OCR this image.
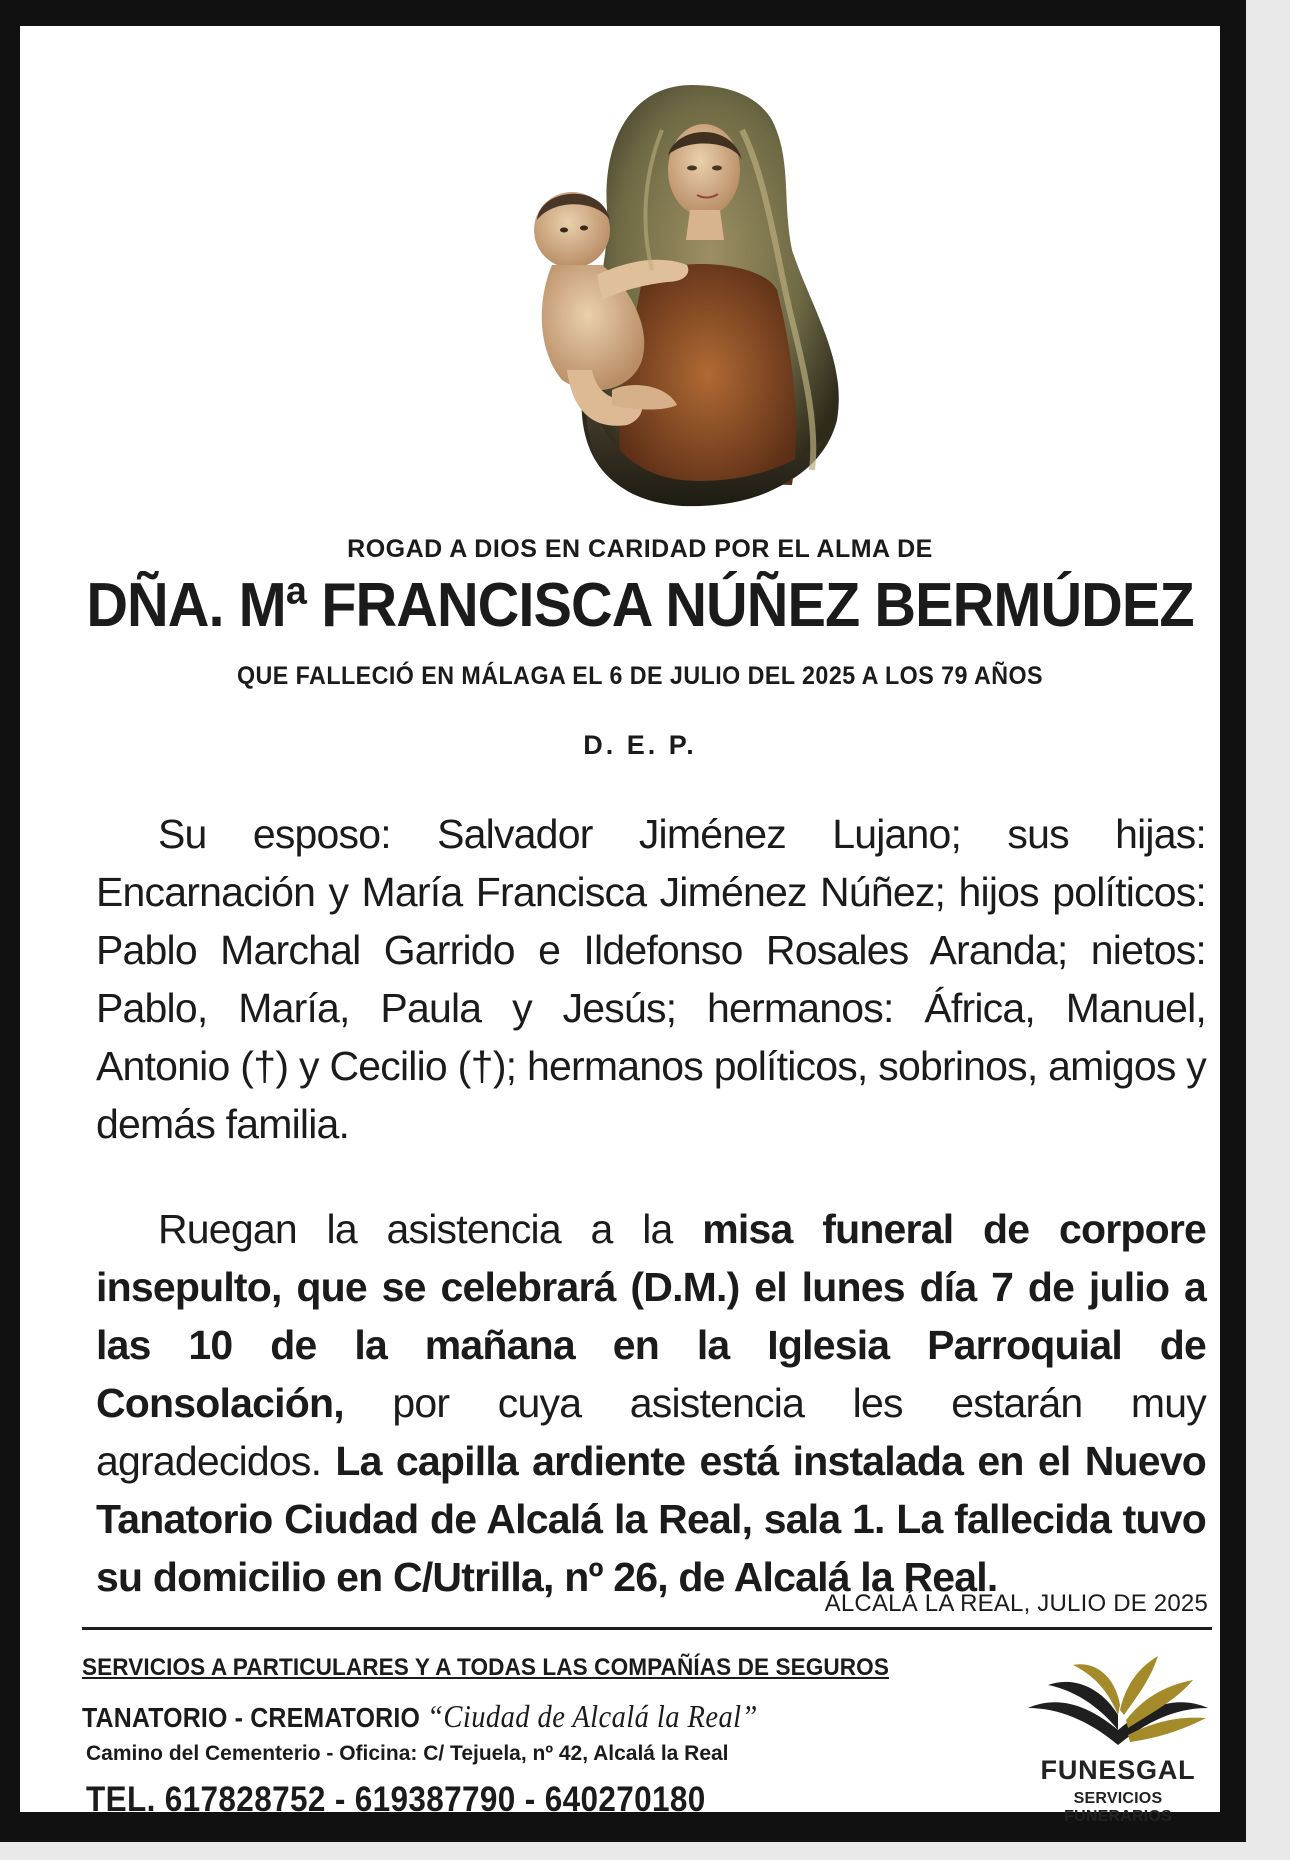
ROGAD A DIOS EN CARIDAD POR EL ALMA DE
DÑA. Mª FRANCISCA NÚÑEZ BERMÚDEZ
QUE FALLECIÓ EN MÁLAGA EL 6 DE JULIO DEL 2025 A LOS 79 AÑOS
D. E. P.
Su esposo: Salvador Jiménez Lujano; sus hijas: Encarnación y María Francisca Jiménez Núñez; hijos políticos: Pablo Marchal Garrido e Ildefonso Rosales Aranda; nietos: Pablo, María, Paula y Jesús; hermanos: África, Manuel, Antonio (†) y Cecilio (†); hermanos políticos, sobrinos, amigos y demás familia.
Ruegan la asistencia a la misa funeral de corpore insepulto, que se celebrará (D.M.) el lunes día 7 de julio a las 10 de la mañana en la Iglesia Parroquial de Consolación, por cuya asistencia les estarán muy agradecidos. La capilla ardiente está instalada en el Nuevo Tanatorio Ciudad de Alcalá la Real, sala 1. La fallecida tuvo su domicilio en C/Utrilla, nº 26, de Alcalá la Real.
ALCALÁ LA REAL, JULIO DE 2025
SERVICIOS A PARTICULARES Y A TODAS LAS COMPAÑÍAS DE SEGUROS
TANATORIO - CREMATORIO “Ciudad de Alcalá la Real”
Camino del Cementerio - Oficina: C/ Tejuela, nº 42, Alcalá la Real
TEL. 617828752 - 619387790 - 640270180
FUNESGAL
SERVICIOS FUNERARIOS
